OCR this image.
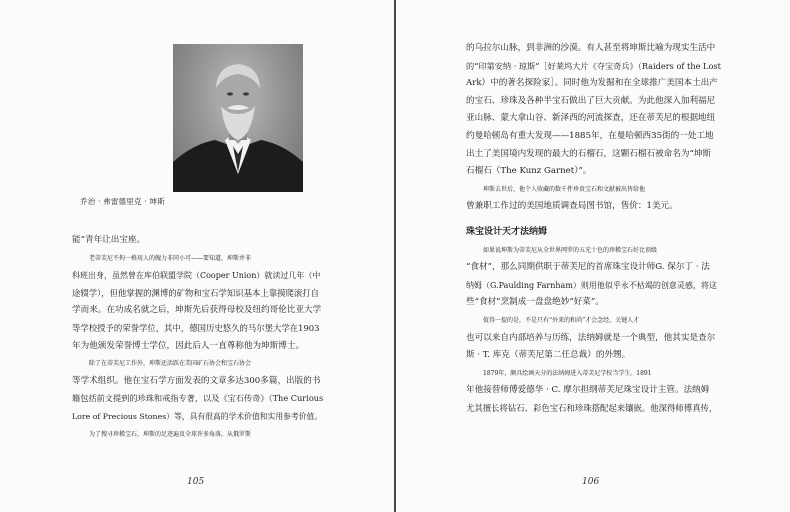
乔治 · 弗雷德里克 · 坤斯
能”青年让出宝座。
老蒂芙尼不拘一格用人的魄力非同小可——要知道，坤斯并非
科班出身，虽然曾在库伯联盟学院（Cooper Union）就读过几年（中
途辍学），但他掌握的渊博的矿物和宝石学知识基本上靠摸爬滚打自
学而来。在功成名就之后，坤斯先后获得母校及纽约哥伦比亚大学
等学校授予的荣誉学位，其中，德国历史悠久的马尔堡大学在1903
年为他颁发荣誉博士学位，因此后人一直尊称他为坤斯博士。
除了在蒂芙尼工作外，坤斯还活跃在美国矿石协会和宝石协会
等学术组织。他在宝石学方面发表的文章多达300多篇，出版的书
籍包括前文提到的珍珠和戒指专著，以及《宝石传奇》（The Curious
Lore of Precious Stones）等，具有很高的学术价值和实用参考价值。
为了搜寻珍稀宝石，坤斯的足迹遍及全球许多角落，从俄罗斯
105
的乌拉尔山脉，到非洲的沙漠。有人甚至将坤斯比喻为现实生活中
的“印第安纳 · 琼斯”［好莱坞大片《夺宝奇兵》（Raiders of the Lost
Ark）中的著名探险家］。同时他为发掘和在全球推广美国本土出产
的宝石、珍珠及各种半宝石做出了巨大贡献。为此他深入加利福尼
亚山脉、蒙大拿山谷、新泽西的河流探查，还在蒂芙尼的根据地纽
约曼哈顿岛有重大发现——1885年，在曼哈顿西35街的一处工地
出土了美国境内发现的最大的石榴石，这颗石榴石被命名为“坤斯
石榴石（The Kunz Garnet）”。
坤斯去世后，他个人收藏的数千件珍贵宝石和文献被出售给他
曾兼职工作过的美国地质调查局图书馆，售价：1美元。
珠宝设计天才法纳姆
如果说坤斯为蒂芙尼从全世界网罗的五光十色的珍稀宝石好比顶级
“食材”，那么同期供职于蒂芙尼的首席珠宝设计师G. 保尔丁 · 法
纳姆（G.Paulding Farnham）则用他似乎永不枯竭的创意灵感，将这
些“食材”烹制成一盘盘绝妙“好菜”。
值得一提的是，不是只有“外来的和尚”才会念经，关键人才
也可以来自内部培养与历练，法纳姆就是一个典型，他其实是查尔
斯 · T. 库克（蒂芙尼第二任总裁）的外甥。
1879年，颇具绘画天分的法纳姆进入蒂芙尼学校当学生。1891
年他接替师傅爱德华 · C. 摩尔担纲蒂芙尼珠宝设计主管。法纳姆
尤其擅长将钻石、彩色宝石和珍珠搭配起来镶嵌。他深得师傅真传，
106
